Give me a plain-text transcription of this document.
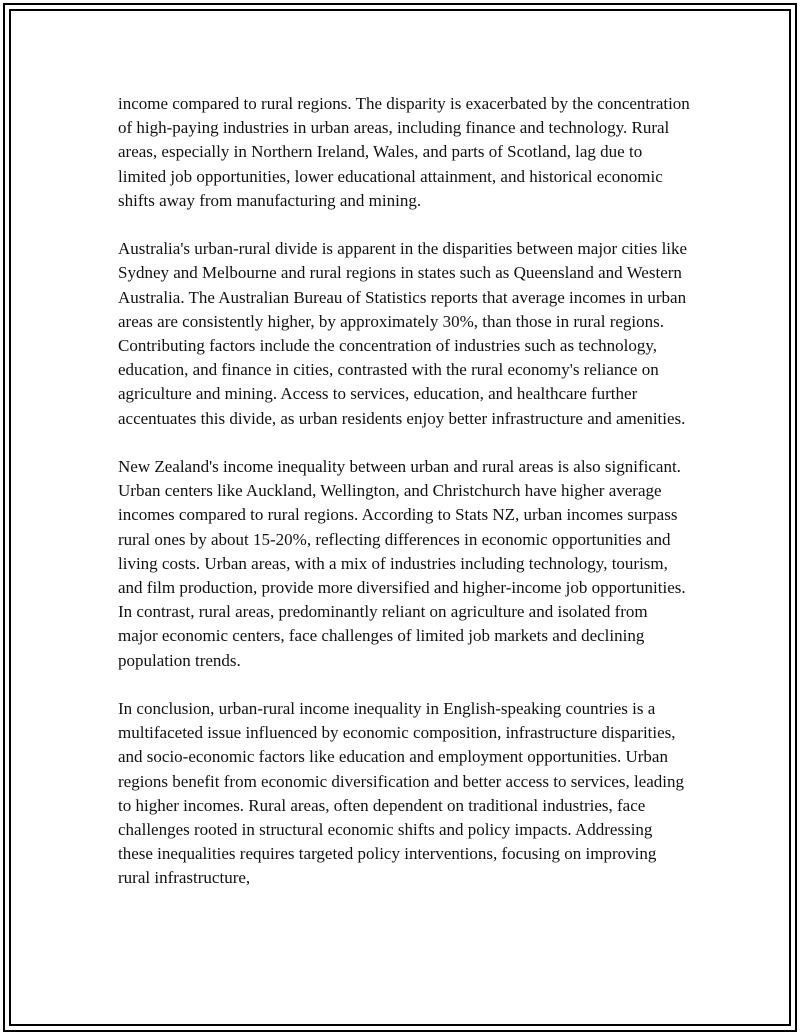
income compared to rural regions. The disparity is exacerbated by the concentration of high-paying industries in urban areas, including finance and technology. Rural areas, especially in Northern Ireland, Wales, and parts of Scotland, lag due to limited job opportunities, lower educational attainment, and historical economic shifts away from manufacturing and mining.

Australia's urban-rural divide is apparent in the disparities between major cities like Sydney and Melbourne and rural regions in states such as Queensland and Western Australia. The Australian Bureau of Statistics reports that average incomes in urban areas are consistently higher, by approximately 30%, than those in rural regions. Contributing factors include the concentration of industries such as technology, education, and finance in cities, contrasted with the rural economy's reliance on agriculture and mining. Access to services, education, and healthcare further accentuates this divide, as urban residents enjoy better infrastructure and amenities.

New Zealand's income inequality between urban and rural areas is also significant. Urban centers like Auckland, Wellington, and Christchurch have higher average incomes compared to rural regions. According to Stats NZ, urban incomes surpass rural ones by about 15-20%, reflecting differences in economic opportunities and living costs. Urban areas, with a mix of industries including technology, tourism, and film production, provide more diversified and higher-income job opportunities. In contrast, rural areas, predominantly reliant on agriculture and isolated from major economic centers, face challenges of limited job markets and declining population trends.

In conclusion, urban-rural income inequality in English-speaking countries is a multifaceted issue influenced by economic composition, infrastructure disparities, and socio-economic factors like education and employment opportunities. Urban regions benefit from economic diversification and better access to services, leading to higher incomes. Rural areas, often dependent on traditional industries, face challenges rooted in structural economic shifts and policy impacts. Addressing these inequalities requires targeted policy interventions, focusing on improving rural infrastructure,
